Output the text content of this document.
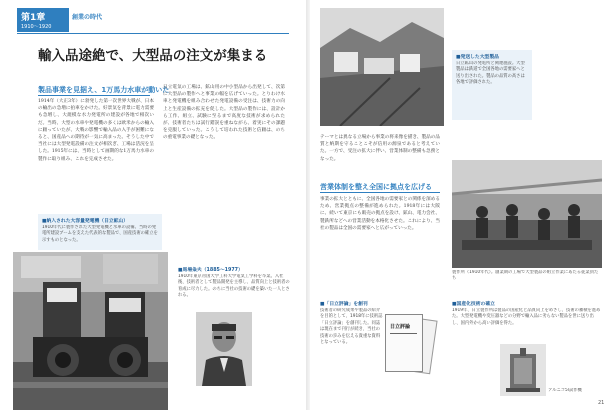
第1章
1910〜1920
創業の時代
輸入品途絶で、大型品の注文が集まる
製品事業を見据え、1万馬力水車が動いた
1914年（大正3年）に勃発した第一次世界大戦が、日本の輸出の急増に拍車をかけた。好景気を背景に電力需要も急増し、大規模な水力発電所の建設が各地で相次いだ。当時、大型の水車や発電機の多くは欧米からの輸入に頼っていたが、大戦の影響で輸入品の入手が困難になると、国産品への期待が一気に高まった。そうした中で当社には大型発電設備の注文が相次ぎ、工場は活況を呈した。1915年には、当時として画期的な1万馬力水車の製作に取り組み、これを完成させた。
日立電気の工場は、鉱山用の中小型品から出発して、次第に大型品の製作へと事業の幅を広げていった。とりわけ水車と発電機を組み合わせた発電設備の受注は、技術力の向上と生産設備の拡充を促した。大型品の製作には、設計から工作、組立、試験に至るまで高度な技術が求められたが、技術者たちは試行錯誤を重ねながら、着実にその課題を克服していった。こうして培われた技術と信頼は、のちの重電事業の礎となった。
■納入された大容量発電機（日立鉱山）
1910年代に製作された大型発電機と水車の設備。当時の発電所建設ブームを支えた代表的な製品で、国産技術の確立を示すものとなった。
■馬場粂夫（1885〜1977）
1910年東京帝国大学工科大学電気工学科を卒業。入社後、技術者として製品開発を主導し、品質向上と技術者の育成に尽力した。のちに当社の技術の礎を築いた一人とされる。
■発送した大型製品
日立鉱山の発電所と関連施設。大型製品は鉄道で全国各地の需要家へと送り出された。製品の品質の高さは各地で評価された。
テーマとは異なる立場から事業の将来像を描き、製品の品質と納期を守ることこそが信用の源泉であると考えていた。一方で、受注の拡大に伴い、営業体制の整備も急務となった。
営業体制を整え全国に拠点を広げる
事業の拡大とともに、全国各地の需要家との関係を深めるため、営業拠点の整備が進められた。1918年には大阪に、続いて東京にも販売の拠点を設け、鉱山、電力会社、製鉄所などへの営業活動を本格化させた。これにより、当社の製品は全国の需要家へと広がっていった。
製作所（1910年代）。創業期の工場で大型製品の組立作業にあたる従業員たち
■「日立評論」を創刊
技術者の研究成果や製品の紹介を目的として、1918年に技術誌「日立評論」を創刊した。同誌は現在まで刊行が続き、当社の技術の歩みを伝える貴重な資料となっている。
日立評論
■国産化技術の確立
1919年、日立製作所は製品の国産化と品質向上をめざし、技術の蓄積を進めた。大型発電機や変圧器などの分野で輸入品に劣らない製品を世に送り出し、国内外から高い評価を得た。
アルニコ5l試作機
21
